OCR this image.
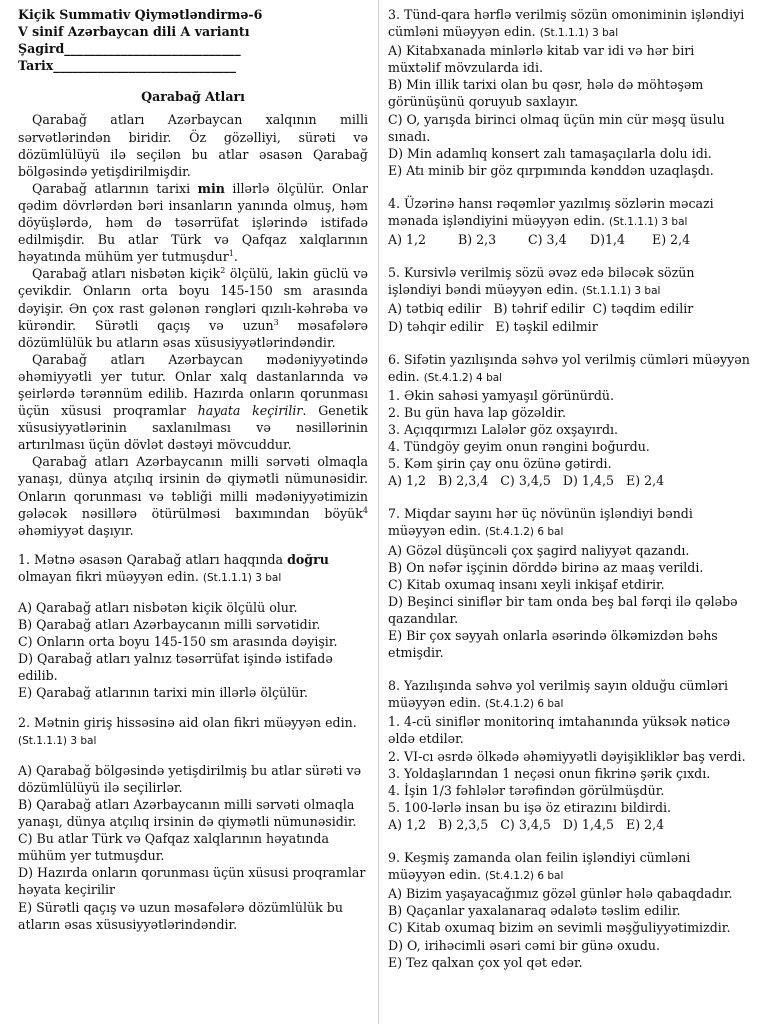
Kiçik Summativ Qiymətləndirmə-6

V sinif Azərbaycan dili A variantı

Şagird____________________________

Tarix_____________________________

Qarabağ Atları

Qarabağ atları Azərbaycan xalqının milli sərvətlərindən biridir. Öz gözəlliyi, sürəti və dözümlülüyü ilə seçilən bu atlar əsasən Qarabağ bölgəsində yetişdirilmişdir.

Qarabağ atlarının tarixi min illərlə ölçülür. Onlar qədim dövrlərdən bəri insanların yanında olmuş, həm döyüşlərdə, həm də təsərrüfat işlərində istifadə edilmişdir. Bu atlar Türk və Qafqaz xalqlarının həyatında mühüm yer tutmuşdur$^1$.

Qarabağ atları nisbətən kiçik$^2$ ölçülü, lakin güclü və çevikdir. Onların orta boyu 145-150 sm arasında dəyişir. Ən çox rast gələnən rəngləri qızılı-kəhrəba və kürəndir. Sürətli qaçış və uzun$^3$ məsafələrə dözümlülük bu atların əsas xüsusiyyətlərindəndir.

Qarabağ atları Azərbaycan mədəniyyətində əhəmiyyətli yer tutur. Onlar xalq dastanlarında və şeirlərdə tərənnüm edilib. Hazırda onların qorunması üçün xüsusi proqramlar hayata keçirilir. Genetik xüsusiyyətlərinin saxlanılması və nəsillərinin artırılması üçün dövlət dəstəyi mövcuddur.

Qarabağ atları Azərbaycanın milli sərvəti olmaqla yanaşı, dünya atçılıq irsinin də qiymətli nümunəsidir. Onların qorunması və təbliği milli mədəniyyətimizin gələcək nəsillərə ötürülməsi baxımından böyük$^4$ əhəmiyyət daşıyır.

1. Mətnə əsasən Qarabağ atları haqqında doğru olmayan fikri müəyyən edin. (St.1.1.1) 3 bal

A) Qarabağ atları nisbətən kiçik ölçülü olur.

B) Qarabağ atları Azərbaycanın milli sərvətidir.

C) Onların orta boyu 145-150 sm arasında dəyişir.

D) Qarabağ atları yalnız təsərrüfat işində istifadə edilib.

E) Qarabağ atlarının tarixi min illərlə ölçülür.

2. Mətnin giriş hissəsinə aid olan fikri müəyyən edin.
(St.1.1.1) 3 bal

A) Qarabağ bölgəsində yetişdirilmiş bu atlar sürəti və dözümlülüyü ilə seçilirlər.

B) Qarabağ atları Azərbaycanın milli sərvəti olmaqla yanaşı, dünya atçılıq irsinin də qiymətli nümunəsidir.

C) Bu atlar Türk və Qafqaz xalqlarının həyatında mühüm yer tutmuşdur.

D) Hazırda onların qorunması üçün xüsusi proqramlar həyata keçirilir

E) Sürətli qaçış və uzun məsafələrə dözümlülük bu atların əsas xüsusiyyətlərindəndir.

3. Tünd-qara hərflə verilmiş sözün omoniminin işləndiyi cümləni müəyyən edin. (St.1.1.1) 3 bal

A) Kitabxanada minlərlə kitab var idi və hər biri müxtəlif mövzularda idi.

B) Min illik tarixi olan bu qəsr, hələ də möhtəşəm görünüşünü qoruyub saxlayır.

C) O, yarışda birinci olmaq üçün min cür məşq üsulu sınadı.

D) Min adamlıq konsert zalı tamaşaçılarla dolu idi.

E) Atı minib bir göz qırpımında kənddən uzaqlaşdı.

4. Üzərinə hansı rəqəmlər yazılmış sözlərin məcazi mənada işləndiyini müəyyən edin. (St.1.1.1) 3 bal

A) 1,2	B) 2,3	C) 3,4 D)1,4 E) 2,4

5. Kursivlə verilmiş sözü əvəz edə biləcək sözün işləndiyi bəndi müəyyən edin. (St.1.1.1) 3 bal

A) tətbiq edilir B) təhrif edilir C) təqdim edilir

D) təhqir edilir E) təşkil edilmir

6. Sifətin yazılışında səhvə yol verilmiş cümləri müəyyən edin. (St.4.1.2) 4 bal

1. Əkin sahəsi yamyaşıl görünürdü.

2. Bu gün hava lap gözəldir.

3. Açıqqırmızı Lalələr göz oxşayırdı.

4. Tündgöy geyim onun rəngini boğurdu.

5. Kəm şirin çay onu özünə gətirdi.

A) 1,2 B) 2,3,4 C) 3,4,5 D) 1,4,5 E) 2,4

7. Miqdar sayını hər üç növünün işləndiyi bəndi müəyyən edin. (St.4.1.2) 6 bal

A) Gözəl düşüncəli çox şagird naliyyət qazandı.

B) On nəfər işçinin dörddə birinə az maaş verildi.

C) Kitab oxumaq insanı xeyli inkişaf etdirir.

D) Beşinci siniflər bir tam onda beş bal fərqi ilə qələbə qazandılar.

E) Bir çox səyyah onlarla əsərində ölkəmizdən bəhs etmişdir.

8. Yazılışında səhvə yol verilmiş sayın olduğu cümləri müəyyən edin. (St.4.1.2) 6 bal

1. 4-cü siniflər monitorinq imtahanında yüksək nəticə əldə etdilər.

2. VI-cı əsrdə ölkədə əhəmiyyətli dəyişikliklər baş verdi.

3. Yoldaşlarından 1 neçəsi onun fikrinə şərik çıxdı.

4. İşin 1/3 fəhlələr tərəfindən görülmüşdür.

5. 100-lərlə insan bu işə öz etirazını bildirdi.

A) 1,2 B) 2,3,5 C) 3,4,5 D) 1,4,5 E) 2,4

9. Keşmiş zamanda olan feilin işləndiyi cümləni müəyyən edin. (St.4.1.2) 6 bal

A) Bizim yaşayacağımız gözəl günlər hələ qabaqdadır.

B) Qaçanlar yaxalanaraq ədalətə təslim edilir.

C) Kitab oxumaq bizim ən sevimli məşğuliyyətimizdir.

D) O, irihəcimli əsəri cəmi bir günə oxudu.

E) Tez qalxan çox yol qət edər.
